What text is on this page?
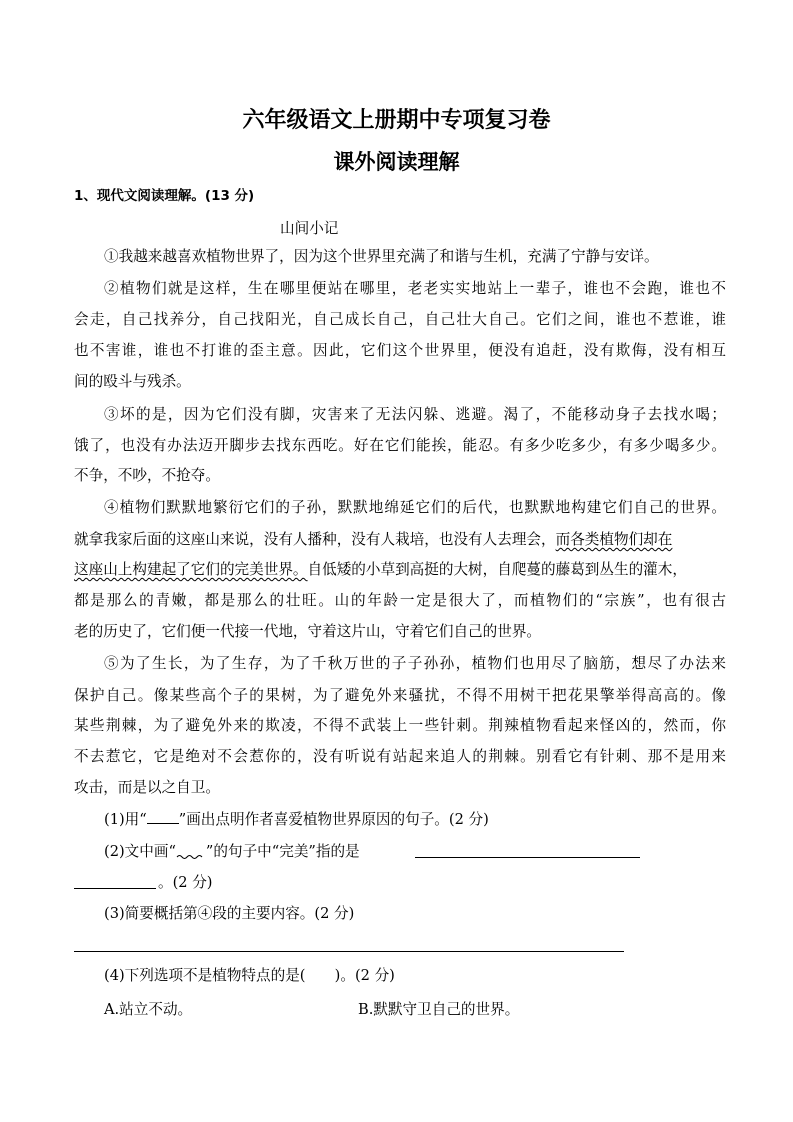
六年级语文上册期中专项复习卷
课外阅读理解
1、现代文阅读理解。(13 分)
山间小记
①我越来越喜欢植物世界了，因为这个世界里充满了和谐与生机，充满了宁静与安详。
②植物们就是这样，生在哪里便站在哪里，老老实实地站上一辈子，谁也不会跑，谁也不
会走，自己找养分，自己找阳光，自己成长自己，自己壮大自己。它们之间，谁也不惹谁，谁
也不害谁，谁也不打谁的歪主意。因此，它们这个世界里，便没有追赶，没有欺侮，没有相互
间的殴斗与残杀。
③坏的是，因为它们没有脚，灾害来了无法闪躲、逃避。渴了，不能移动身子去找水喝；
饿了，也没有办法迈开脚步去找东西吃。好在它们能挨，能忍。有多少吃多少，有多少喝多少。
不争，不吵，不抢夺。
④植物们默默地繁衍它们的子孙，默默地绵延它们的后代，也默默地构建它们自己的世界。
就拿我家后面的这座山来说，没有人播种，没有人栽培，也没有人去理会，而各类植物们却在
这座山上构建起了它们的完美世界。自低矮的小草到高挺的大树，自爬蔓的藤葛到丛生的灌木，
都是那么的青嫩，都是那么的壮旺。山的年龄一定是很大了，而植物们的“宗族”，也有很古
老的历史了，它们便一代接一代地，守着这片山，守着它们自己的世界。
⑤为了生长，为了生存，为了千秋万世的子子孙孙，植物们也用尽了脑筋，想尽了办法来
保护自己。像某些高个子的果树，为了避免外来骚扰，不得不用树干把花果擎举得高高的。像
某些荆棘，为了避免外来的欺凌，不得不武装上一些针刺。荆辣植物看起来怪凶的，然而，你
不去惹它，它是绝对不会惹你的，没有听说有站起来追人的荆棘。别看它有针刺、那不是用来
攻击，而是以之自卫。
(1)用“ ”画出点明作者喜爱植物世界原因的句子。(2 分)
(2)文中画“ ”的句子中“完美”指的是
。(2 分)
(3)简要概括第④段的主要内容。(2 分)
(4)下列选项不是植物特点的是(　　)。(2 分)
A.站立不动。	B.默默守卫自己的世界。
